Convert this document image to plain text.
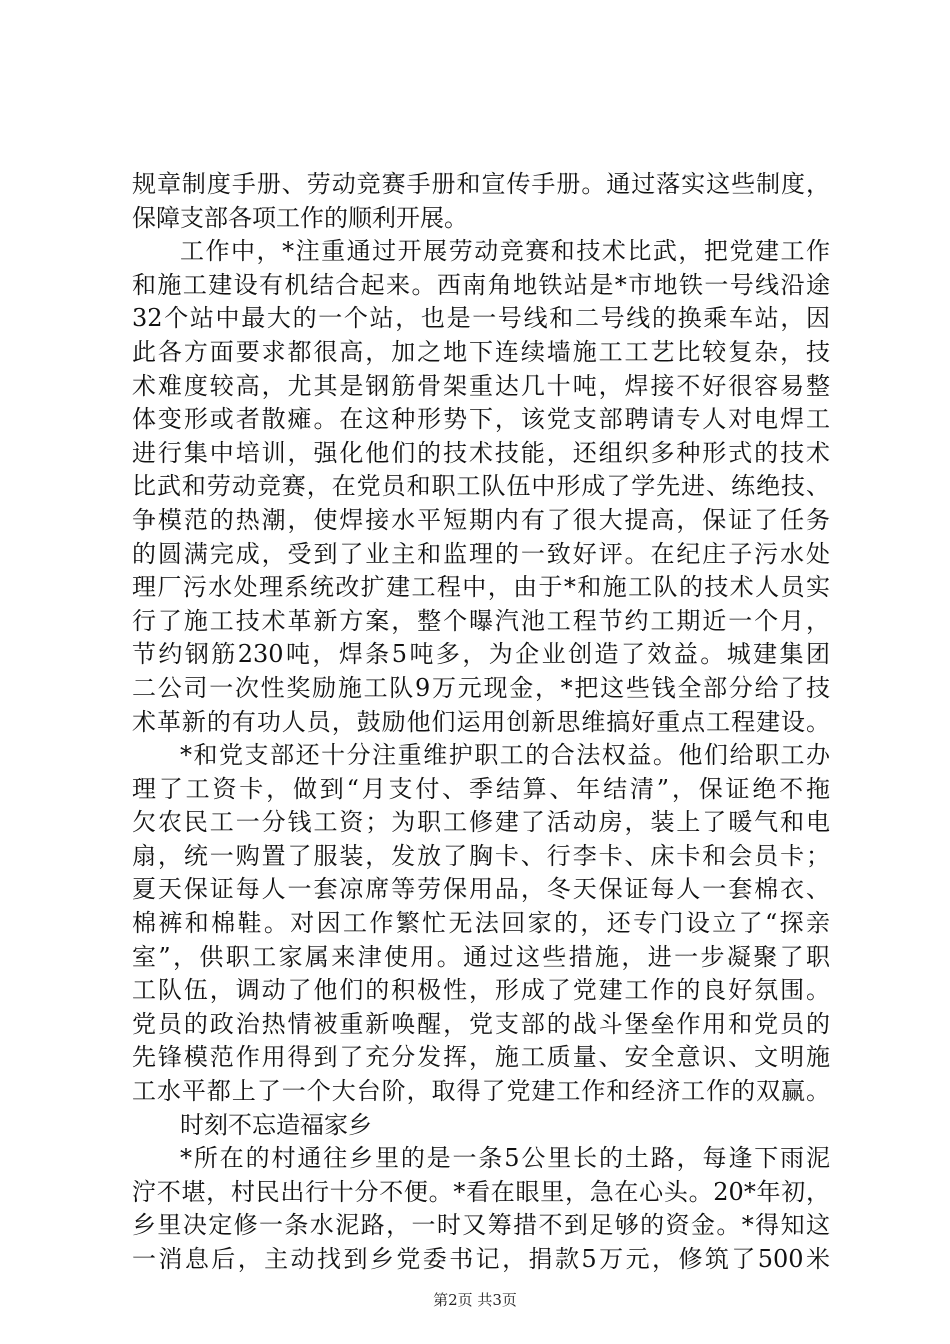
规章制度手册、劳动竞赛手册和宣传手册。通过落实这些制度，
保障支部各项工作的顺利开展。
工作中，*注重通过开展劳动竞赛和技术比武，把党建工作
和施工建设有机结合起来。西南角地铁站是*市地铁一号线沿途
32个站中最大的一个站，也是一号线和二号线的换乘车站，因
此各方面要求都很高，加之地下连续墙施工工艺比较复杂，技
术难度较高，尤其是钢筋骨架重达几十吨，焊接不好很容易整
体变形或者散瘫。在这种形势下，该党支部聘请专人对电焊工
进行集中培训，强化他们的技术技能，还组织多种形式的技术
比武和劳动竞赛，在党员和职工队伍中形成了学先进、练绝技、
争模范的热潮，使焊接水平短期内有了很大提高，保证了任务
的圆满完成，受到了业主和监理的一致好评。在纪庄子污水处
理厂污水处理系统改扩建工程中，由于*和施工队的技术人员实
行了施工技术革新方案，整个曝汽池工程节约工期近一个月，
节约钢筋230吨，焊条5吨多，为企业创造了效益。城建集团
二公司一次性奖励施工队9万元现金，*把这些钱全部分给了技
术革新的有功人员，鼓励他们运用创新思维搞好重点工程建设。
*和党支部还十分注重维护职工的合法权益。他们给职工办
理了工资卡，做到“月支付、季结算、年结清”，保证绝不拖
欠农民工一分钱工资；为职工修建了活动房，装上了暖气和电
扇，统一购置了服装，发放了胸卡、行李卡、床卡和会员卡；
夏天保证每人一套凉席等劳保用品，冬天保证每人一套棉衣、
棉裤和棉鞋。对因工作繁忙无法回家的，还专门设立了“探亲
室”，供职工家属来津使用。通过这些措施，进一步凝聚了职
工队伍，调动了他们的积极性，形成了党建工作的良好氛围。
党员的政治热情被重新唤醒，党支部的战斗堡垒作用和党员的
先锋模范作用得到了充分发挥，施工质量、安全意识、文明施
工水平都上了一个大台阶，取得了党建工作和经济工作的双赢。
时刻不忘造福家乡
*所在的村通往乡里的是一条5公里长的土路，每逢下雨泥
泞不堪，村民出行十分不便。*看在眼里，急在心头。20*年初，
乡里决定修一条水泥路，一时又筹措不到足够的资金。*得知这
一消息后，主动找到乡党委书记，捐款5万元，修筑了500米
第2页 共3页
